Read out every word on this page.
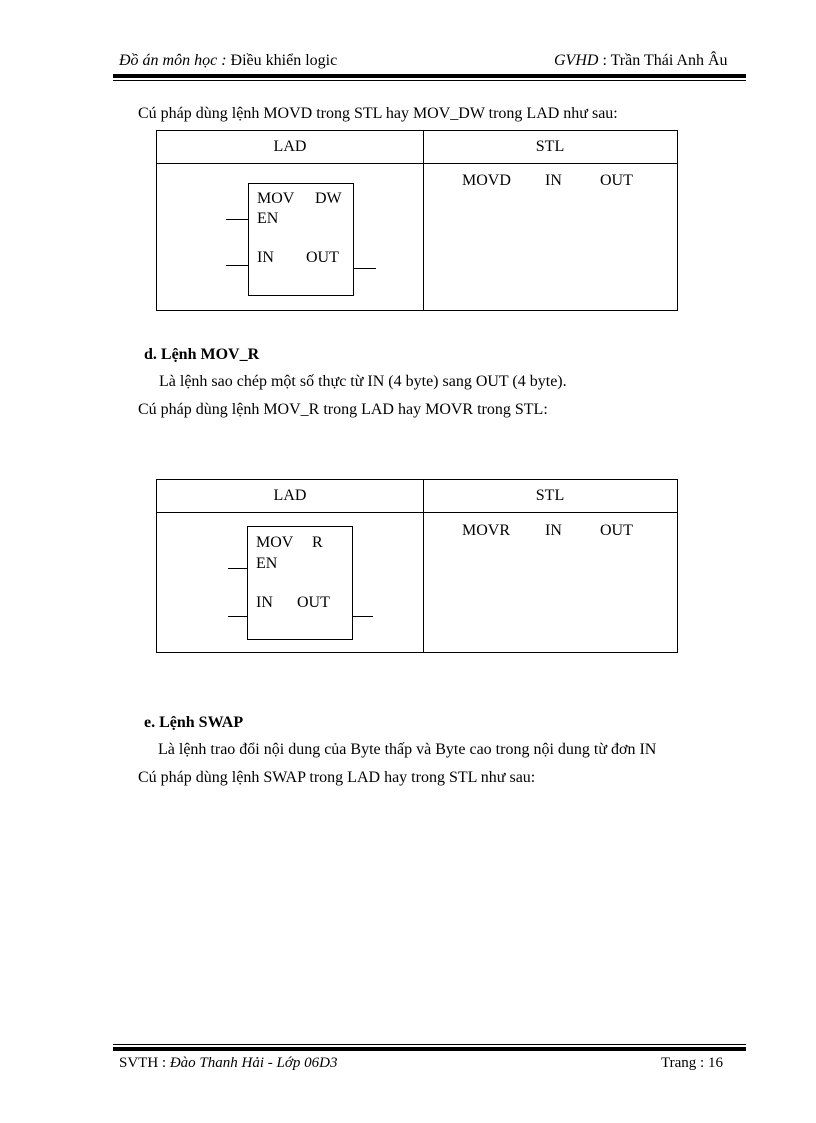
Đồ án môn học : Điều khiển logic	GVHD : Trần Thái Anh Âu
Cú pháp dùng lệnh MOVD trong STL hay MOV_DW trong LAD như sau:
LAD	STL
MOV DW
EN
IN OUT
MOVD IN OUT
d. Lệnh MOV_R
Là lệnh sao chép một số thực từ IN (4 byte) sang OUT (4 byte).
Cú pháp dùng lệnh MOV_R trong LAD hay MOVR trong STL:
LAD	STL
MOV R
EN
IN OUT
MOVR IN OUT
e. Lệnh SWAP
Là lệnh trao đổi nội dung của Byte thấp và Byte cao trong nội dung từ đơn IN
Cú pháp dùng lệnh SWAP trong LAD hay trong STL như sau:
SVTH : Đào Thanh Hải - Lớp 06D3	Trang : 16
